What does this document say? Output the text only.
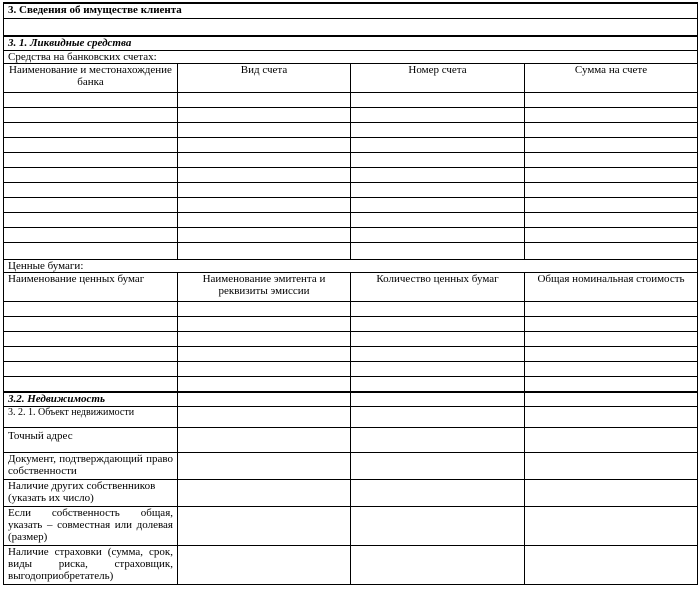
3. Сведения об имуществе клиента			

3. 1. Ликвидные средства			
Средства на банковских счетах:			
Наименование и местонахождение банка	Вид счета	Номер счета	Сумма на счете

Ценные бумаги:			
Наименование ценных бумаг	Наименование эмитента и реквизиты эмиссии	Количество ценных бумаг	Общая номинальная стоимость

3.2. Недвижимость			
3. 2. 1. Объект недвижимости			
Точный адрес			
Документ, подтверждающий право собственности			
Наличие других собственников (указать их число)			
Если собственность общая, указать – совместная или долевая (размер)			
Наличие страховки (сумма, срок, виды риска, страховщик, выгодоприобретатель)			
